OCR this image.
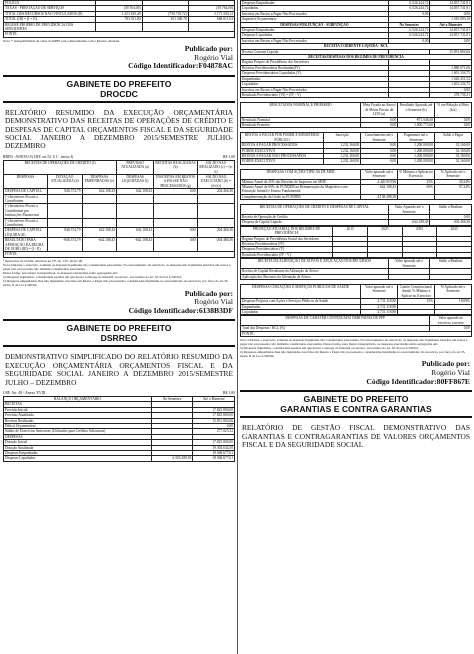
POLÍCIA			
TAXAS - PRESTAÇÃO DE SERVIÇOS	(39.764,00)		(39.764,00)
TOTAL DOS RECURSOS NÃO VINCULADOS (II)	1.453.819,40	(750.710,72)	2.171.330,12
TOTAL (III) = (I + II)	783.011,80	181.300,78	668.011,02
REGIME PRÓPRIO DE PREVIDÊNCIA DOS SERVIDORES			
FONTE:			
Nota: * Adequabilidade de caixa do RPPS está comprometida com o Passivo Atuarial.
Publicado por:
Rogério Vial
Código Identificador:F04878AC
GABINETE DO PREFEITO
DROCDC
RELATÓRIO RESUMIDO DA EXECUÇÃO ORÇAMENTÁRIA DEMONSTRATIVO DAS RECEITAS DE OPERAÇÕES DE CRÉDITO E DESPESAS DE CAPITAL ORÇAMENTOS FISCAL E DA SEGURIDADE SOCIAL JANEIRO A DEZEMBRO 2015/SEMESTRE JULHO-DEZEMBRO
RREO -ANEXO 9 (LRF, art.53, § 1º, inciso I)	R$ 1,00
RECEITAS DE OPERAÇÕES DE CRÉDITO (I)			PREVISÃO ATUALIZADA (a)	RECEITAS REALIZADAS (b)	SALDO NÃO REALIZADO (c) = (a-b)
DESPESAS	DOTAÇÃO ATUALIZADA (d)	DESPESAS EMPENHADAS (e)	DESPESAS LIQUIDADAS (f)	INSCRITAS EM RESTOS A PAGAR NÃO PROCESSADOS (g)	SALDO NÃO EXECUTADO (h) = (d-(e))
DESPESA DE CAPITAL	846.574,79	642.108,43	642.108,43	0,00	204.466,36
(-) Incentivos Fiscais a Contribuinte					
(-) Incentivos Fiscais a Contribuinte por Instituições Financeiras					
(-) Incentivos Fiscais a Contribuinte					
DESPESA DE CAPITAL LÍQUIDA (II)	846.574,79	642.108,43	642.108,43	0,00	204.466,36
RESULTADO PARA APURAÇÃO DA REGRA DE OURO (III) = (I - II)	-846.574,79	-642.108,43	-642.108,43	0,00	-204.466,36
FONTE:					
¹ Operações de Crédito descritas no CF, art. 167, inciso III.
Nota: Durante o exercício, somente as despesas liquidadas são consideradas executadas. No encerramento do exercício, as despesas não liquidadas inscritas em restos a pagar não processados são também consideradas executadas.
Dessa forma, para maior transparência, as despesas executadas estão segregadas em:
a) Despesas liquidadas, consideradas aquelas em que houve a entrega do material ou serviço, nos termos do art. 63 da Lei 4.320/64;
b) Despesas empenhadas mas não liquidadas, inscritas em Restos a Pagar não processados, consideradas liquidadas no encerramento do exercício, por força do art.35, inciso II da Lei 4.320/64.
Publicado por:
Rogério Vial
Código Identificador:6138B3DF
GABINETE DO PREFEITO
DSRREO
DEMONSTRATIVO SIMPLIFICADO DO RELATÓRIO RESUMIDO DA EXECUÇÃO ORÇAMENTÁRIA ORÇAMENTOS FISCAL E DA SEGURIDADE SOCIAL JANEIRO A DEZEMBRO 2015/SEMESTRE JULHO – DEZEMBRO
LRF, Art. 48 - Anexo XVIII	R$ 1,00
BALANÇO ORÇAMENTÁRIO	No Semestre	Até o Bimestre
RECEITAS		
Previsão Inicial		17.825.800,00
Previsão Atualizada		17.825.800,00
Receitas Realizadas		15.851.804,66
Déficit Orçamentário		0,00
Saldos de Exercícios Anteriores (Utilizados para Créditos Adicionais)		277.825,32
DESPESAS		
Dotação Inicial		17.825.800,00
Dotação Atualizada		19.303.634,50
Despesas Empenhadas		18.568.677,61
Despesas Liquidadas	6.505.299,93	18.568.677,61
Despesas Empenhadas	6.526.244,72	14.837.741,81
Liquidadas	6.526.244,72	14.837.741,81
Inscritas em Restos a Pagar Não Processados	0,00	0,00
Superávit Orçamentário		1.010.093,10
DESPESAS POR FUNÇÃO - SUBFUNÇÃO	No Semestre	Até o Bimestre
Despesas Empenhadas	6.526.244,72	14.837.741,81
Despesas Liquidadas	6.526.244,72	14.837.741,81
Inscritas em Restos a Pagar Não Processados	0,00	0,00
RECEITA CORRENTE LÍQUIDA - RCL		
Receita Corrente Líquida		15.851.804,66
RECEITAS/DESPESAS DOS REGIMES DE PREVIDÊNCIA		
Regime Próprio de Previdência dos Servidores		
Receitas Previdenciárias Realizadas(IV)		1.880.071,06
Despesas Previdenciárias Liquidadas (V)		1.601.334,75
Empenhadas		1.620.451,52
Liquidadas		1.601.334,75
Inscritas em Restos a Pagar Não Processados		0,00
Resultado Previdenciário (VI) = (IV - V)		278.736,31
RESULTADOS NOMINAL E PRIMÁRIO	Meta Fixada no Anexo de Metas Fiscais da LDO (a)	Resultado Apurado até o Semestre (b)	% em Relação à Meta (b/a)
Resultado Nominal	0,00	-871.548,48	0,00
Resultado Primário	0,00	1.000.773,60	0,00
RESTOS A PAGAR POR PODER E MINISTÉRIO PÚBLICO	Inscrição	Cancelamento até o Semestre	Pagamento até o Semestre	Saldo a Pagar
RESTOS A PAGAR PROCESSADOS	1.232.160,00	0,00	1.200.000,00	32.160,00
PODER EXECUTIVO	1.232.160,00	0,00	1.200.000,00	32.160,00
RESTOS A PAGAR NÃO PROCESSADOS	1.232.160,00	0,00	1.200.000,00	32.160,00
PODER EXECUTIVO	1.232.160,00	0,00	1.200.000,00	32.160,00
DESPESAS COM AÇÕES TÍPICAS DE MDE	Valor apurado até o Semestre	% Mínimo a Aplicar no Exercício	% Aplicado até o Semestre
Mínimo Anual de 25% das Receitas de Impostos em MDE	4.420.919,96	25%	30,24%
Mínimo Anual de 60% do FUNDEB na Remuneração do Magistério com Educação Infantil e Ensino Fundamental	642.108,43	60%	97,24%
Complementação da União ao FUNDEB	4.158.288,58		
RECEITAS DE OPERAÇÕES DE CRÉDITO E DESPESAS DE CAPITAL	Valor Apurado até o Semestre	Saldo a Realizar
Receita de Operação de Crédito		0,00
Despesa de Capital Líquida	642.108,43	204.466,36
PROJEÇÃO ATUARIAL DOS REGIMES DE PREVIDÊNCIA	2015	2025	2035	2045
Regime Próprio de Previdência Social dos Servidores				
Receitas Previdenciárias (IV)				
Despesas Previdenciárias (V)				
Resultado Previdenciário (IV - V)				
RECEITA DA ALIENAÇÃO DE ATIVOS E APLICAÇÃO DOS RECURSOS	Valor apurado até o Semestre	Saldo a Realizar
Receita de Capital Resultante da Alienação de Ativos		
Aplicação dos Recursos da Alienação de Ativos		
DESPESAS COM AÇÕES E SERVIÇOS PÚBLICOS DE SAÚDE	Valor apurado até o Semestre	Limite Constitucional Anual: % Mínimo a Aplicar no Exercício	% Aplicado até o Semestre
Despesas Próprias com Ações e Serviços Públicos de Saúde	2.731.118,80	15%	18,69%
Empenhadas	2.731.118,80		
Liquidadas	2.731.118,80		
DESPESAS DE CARÁTER CONTINUADO DERIVADAS DE PPP	Valor apurado no exercício corrente
Total das Despesas / RCL (%)	0,00
FONTE:	
Nota: Durante o exercício, somente as despesas liquidadas são consideradas executadas. No encerramento do exercício, as despesas não liquidadas inscritas em restos a pagar não processados são também consideradas executadas. Dessa forma, para maior transparência, as despesas executadas estão segregadas em:
a) Despesas liquidadas, consideradas aquelas em que houve a entrega do material ou serviço, nos termos do art. 63 da Lei 4.320/64;
b) Despesas empenhadas mas não liquidadas, inscritas em Restos a Pagar não processados, consideradas liquidadas no encerramento do exercício, por força do art.35, inciso II da Lei 4.320/64.
Publicado por:
Rogério Vial
Código Identificador:80FF867E
GABINETE DO PREFEITO
GARANTIAS E CONTRA GARANTIAS
RELATÓRIO DE GESTÃO FISCAL DEMONSTRATIVO DAS GARANTIAS E CONTRAGARANTIAS DE VALORES ORÇAMENTOS FISCAL E DA SEGURIDADE SOCIAL
